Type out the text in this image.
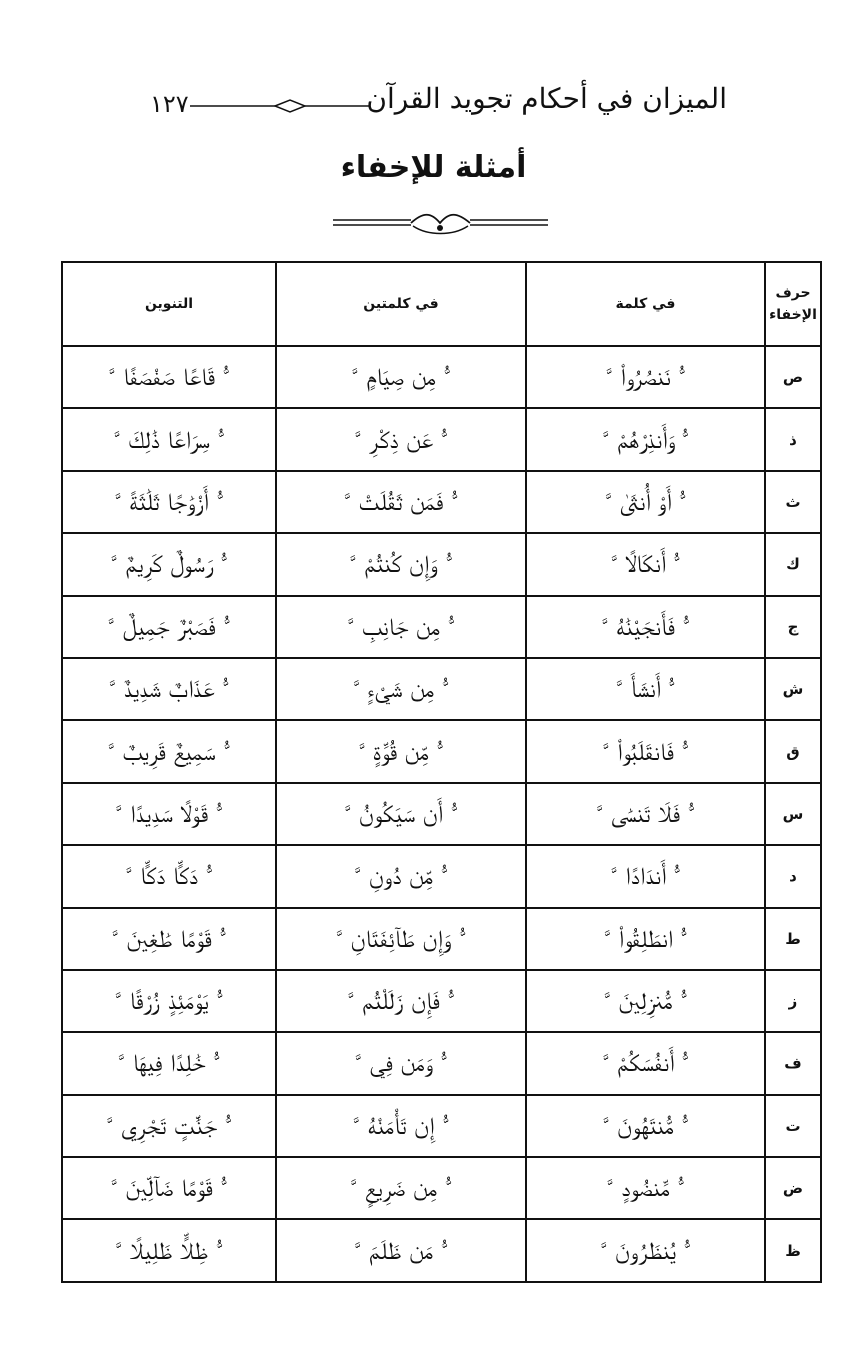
الميزان في أحكام تجويد القرآن
١٢٧
أمثلة للإخفاء
حرف الإخفاء	في كلمة	في كلمتين	التنوين
ص	ﱡ نَنصُرُواْ ﱠ	ﱡ مِن صِيَامٍ ﱠ	ﱡ قَاعًا صَفْصَفًا ﱠ
ذ	ﱡ وَأَنذِرْهُمْ ﱠ	ﱡ عَن ذِكْرِ ﱠ	ﱡ سِرَاعًا ذَٰلِكَ ﱠ
ث	ﱡ أَوْ أُنثَىٰ ﱠ	ﱡ فَمَن ثَقُلَتْ ﱠ	ﱡ أَزْوَٰجًا ثَلَٰثَةً ﱠ
ك	ﱡ أَنكَالًا ﱠ	ﱡ وَإِن كُنتُمْ ﱠ	ﱡ رَسُولٌ كَرِيمٌ ﱠ
ج	ﱡ فَأَنجَيْنَٰهُ ﱠ	ﱡ مِن جَانِبِ ﱠ	ﱡ فَصَبْرٌ جَمِيلٌ ﱠ
ش	ﱡ أَنشَأَ ﱠ	ﱡ مِن شَيْءٍ ﱠ	ﱡ عَذَابٌ شَدِيدٌ ﱠ
ق	ﱡ فَانقَلَبُواْ ﱠ	ﱡ مِّن قُوَّةٍ ﱠ	ﱡ سَمِيعٌ قَرِيبٌ ﱠ
س	ﱡ فَلَا تَنسَىٰ ﱠ	ﱡ أَن سَيَكُونُ ﱠ	ﱡ قَوْلًا سَدِيدًا ﱠ
د	ﱡ أَندَادًا ﱠ	ﱡ مِّن دُونِ ﱠ	ﱡ دَكًّا دَكًّا ﱠ
ط	ﱡ انطَلِقُواْ ﱠ	ﱡ وَإِن طَآئِفَتَانِ ﱠ	ﱡ قَوْمًا طَٰغِينَ ﱠ
ز	ﱡ مُّنزِلِينَ ﱠ	ﱡ فَإِن زَلَلْتُم ﱠ	ﱡ يَوْمَئِذٍ زُرْقًا ﱠ
ف	ﱡ أَنفُسَكُمْ ﱠ	ﱡ وَمَن فِي ﱠ	ﱡ خَٰلِدًا فِيهَا ﱠ
ت	ﱡ مُّنتَهُونَ ﱠ	ﱡ إِن تَأْمَنْهُ ﱠ	ﱡ جَنَّٰتٍ تَجْرِي ﱠ
ض	ﱡ مَّنضُودٍ ﱠ	ﱡ مِن ضَرِيعٍ ﱠ	ﱡ قَوْمًا ضَآلِّينَ ﱠ
ظ	ﱡ يُنظَرُونَ ﱠ	ﱡ مَن ظَلَمَ ﱠ	ﱡ ظِلًّا ظَلِيلًا ﱠ
